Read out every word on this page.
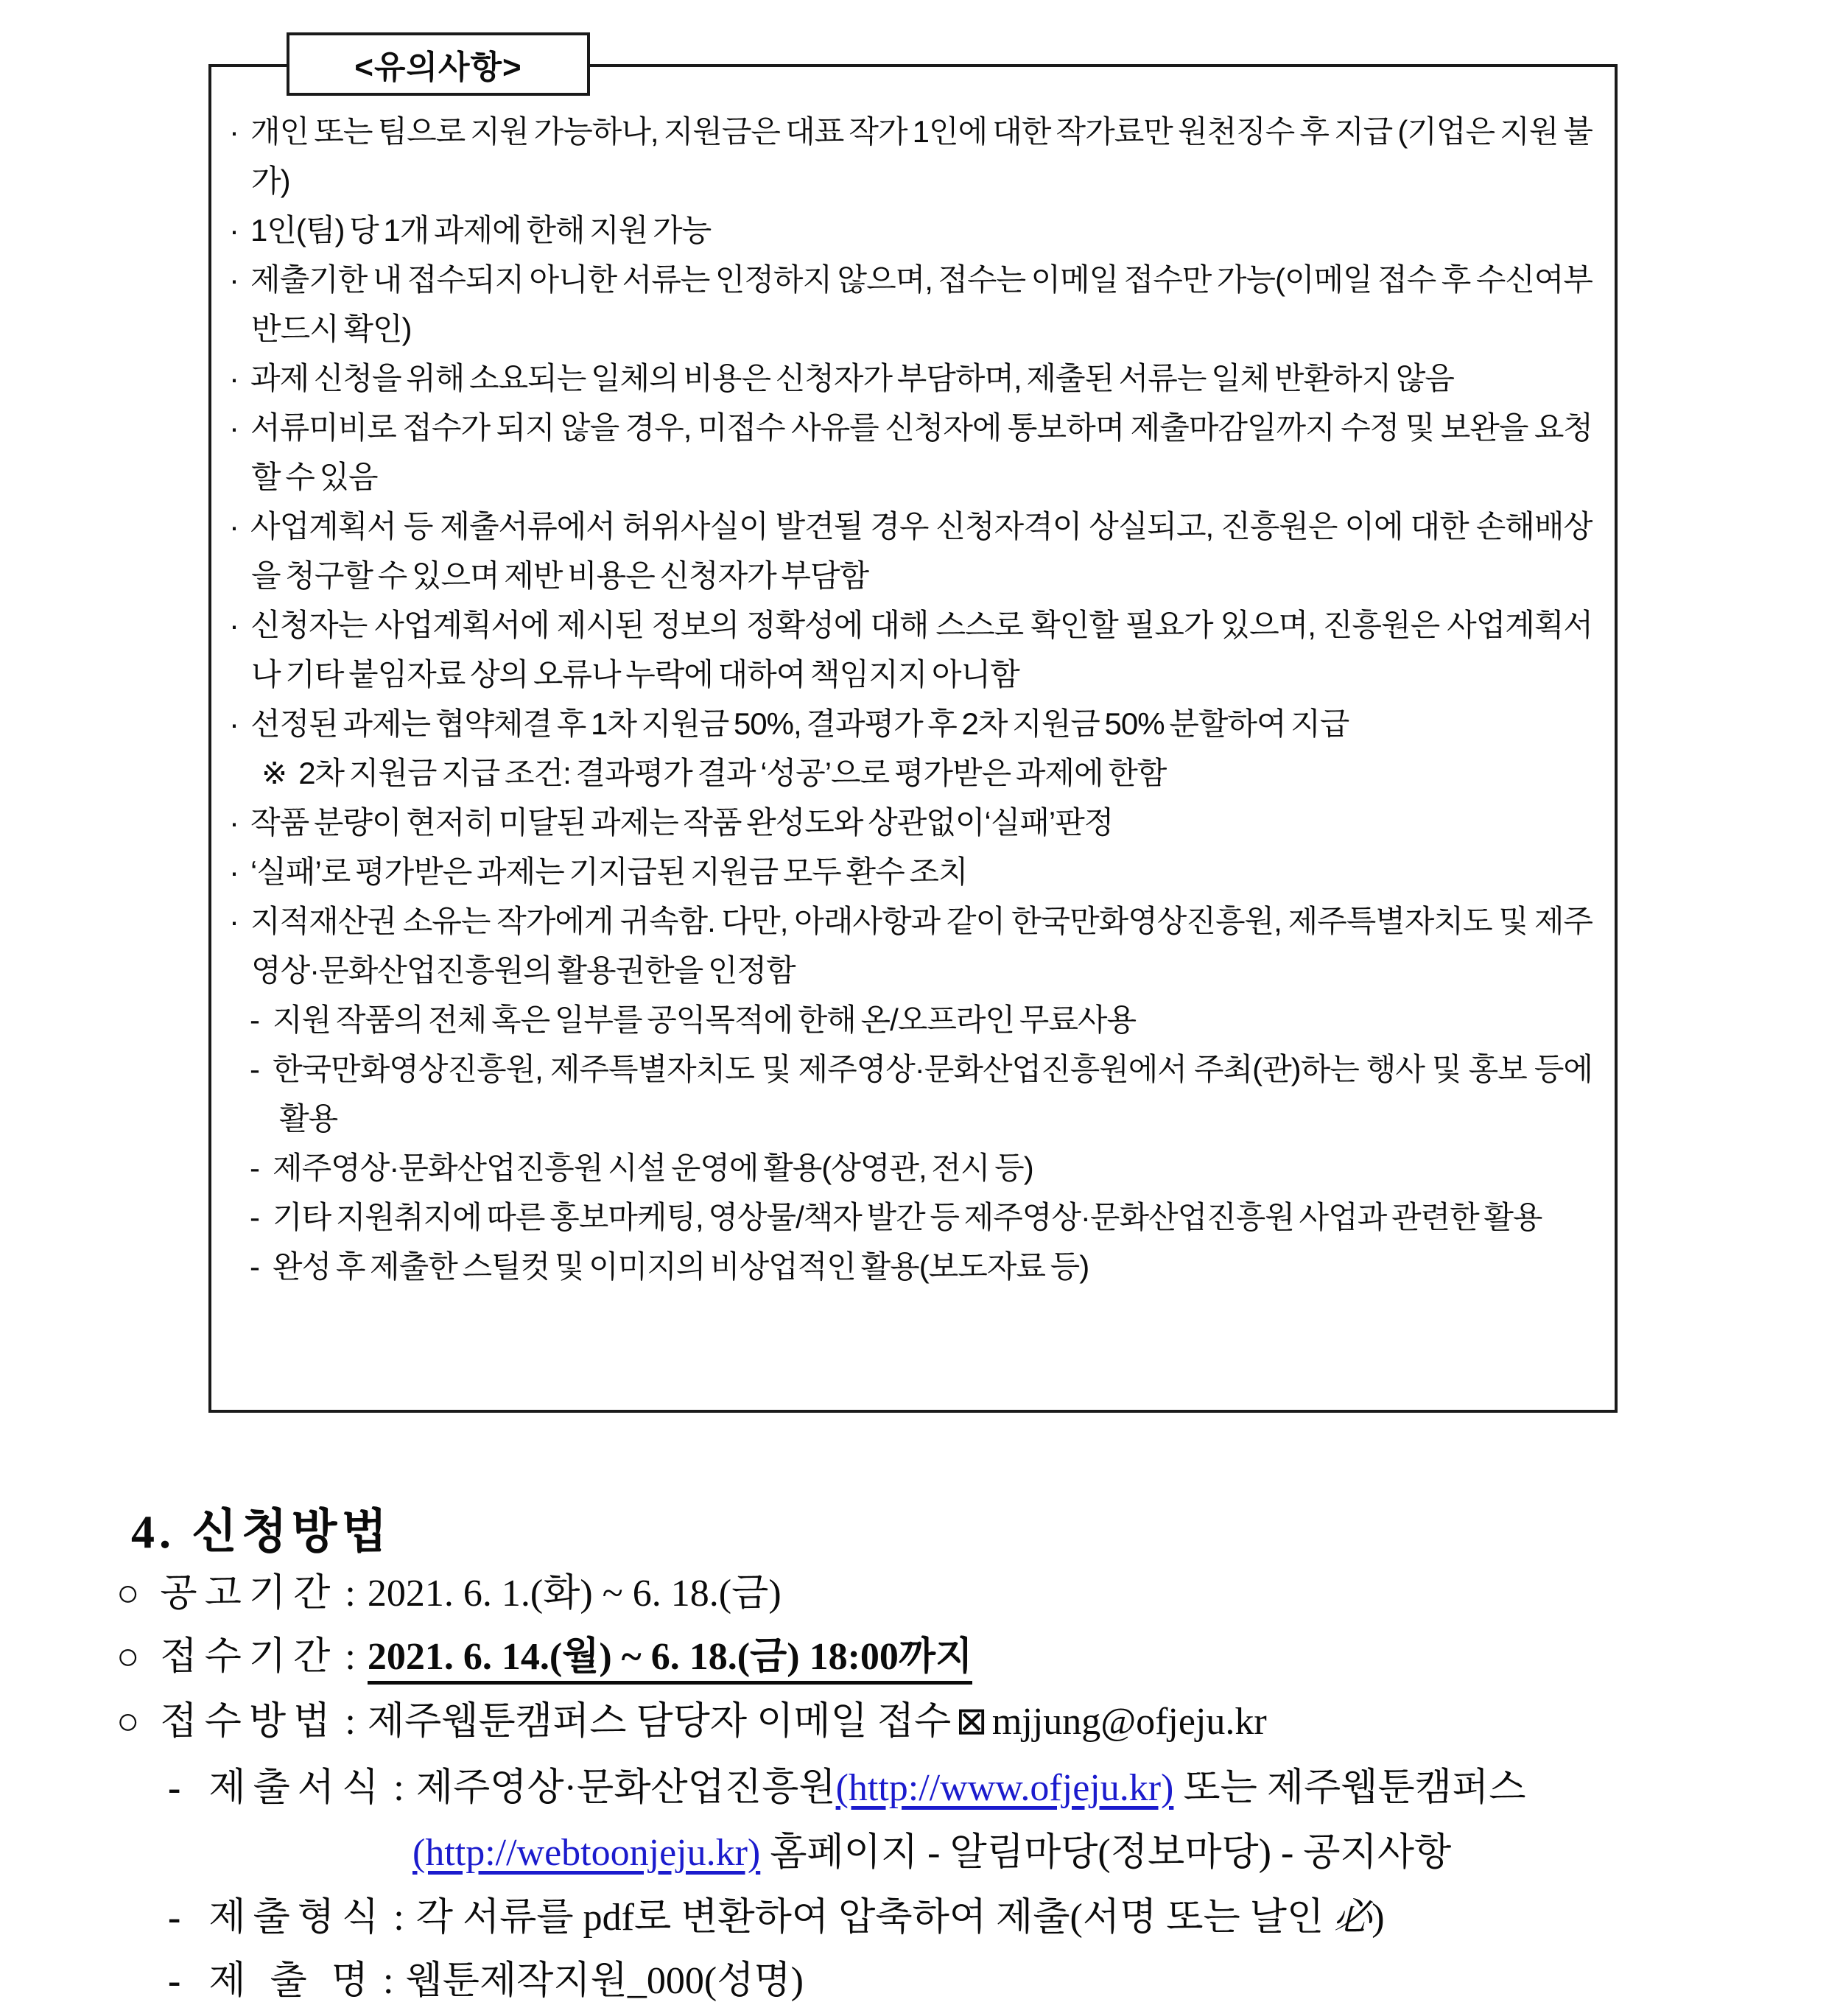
<유의사항>
· 개인 또는 팀으로 지원 가능하나, 지원금은 대표 작가 1인에 대한 작가료만 원천징수 후 지급 (기업은 지원 불가)
· 1인(팀) 당 1개 과제에 한해 지원 가능
· 제출기한 내 접수되지 아니한 서류는 인정하지 않으며, 접수는 이메일 접수만 가능(이메일 접수 후 수신여부 반드시 확인)
· 과제 신청을 위해 소요되는 일체의 비용은 신청자가 부담하며, 제출된 서류는 일체 반환하지 않음
· 서류미비로 접수가 되지 않을 경우, 미접수 사유를 신청자에 통보하며 제출마감일까지 수정 및 보완을 요청할 수 있음
· 사업계획서 등 제출서류에서 허위사실이 발견될 경우 신청자격이 상실되고, 진흥원은 이에 대한 손해배상을 청구할 수 있으며 제반 비용은 신청자가 부담함
· 신청자는 사업계획서에 제시된 정보의 정확성에 대해 스스로 확인할 필요가 있으며, 진흥원은 사업계획서나 기타 붙임자료 상의 오류나 누락에 대하여 책임지지 아니함
· 선정된 과제는 협약체결 후 1차 지원금 50%, 결과평가 후 2차 지원금 50% 분할하여 지급
※ 2차 지원금 지급 조건: 결과평가 결과 ‘성공’으로 평가받은 과제에 한함
· 작품 분량이 현저히 미달된 과제는 작품 완성도와 상관없이‘실패’판정
· ‘실패’로 평가받은 과제는 기지급된 지원금 모두 환수 조치
· 지적재산권 소유는 작가에게 귀속함. 다만, 아래사항과 같이 한국만화영상진흥원, 제주특별자치도 및 제주영상·문화산업진흥원의 활용권한을 인정함
- 지원 작품의 전체 혹은 일부를 공익목적에 한해 온/오프라인 무료사용
- 한국만화영상진흥원, 제주특별자치도 및 제주영상·문화산업진흥원에서 주최(관)하는 행사 및 홍보 등에 활용
- 제주영상·문화산업진흥원 시설 운영에 활용(상영관, 전시 등)
- 기타 지원취지에 따른 홍보마케팅, 영상물/책자 발간 등 제주영상·문화산업진흥원 사업과 관련한 활용
- 완성 후 제출한 스틸컷 및 이미지의 비상업적인 활용(보도자료 등)
4. 신청방법
○ 공고기간 : 2021. 6. 1.(화) ~ 6. 18.(금)
○ 접수기간 : 2021. 6. 14.(월) ~ 6. 18.(금) 18:00까지
○ 접수방법 : 제주웹툰캠퍼스 담당자 이메일 접수 ⊠ mjjung@ofjeju.kr
- 제출서식 : 제주영상·문화산업진흥원(http://www.ofjeju.kr) 또는 제주웹툰캠퍼스
(http://webtoonjeju.kr) 홈페이지 - 알림마당(정보마당) - 공지사항
- 제출형식 : 각 서류를 pdf로 변환하여 압축하여 제출(서명 또는 날인 必)
- 제 출 명 : 웹툰제작지원_000(성명)
